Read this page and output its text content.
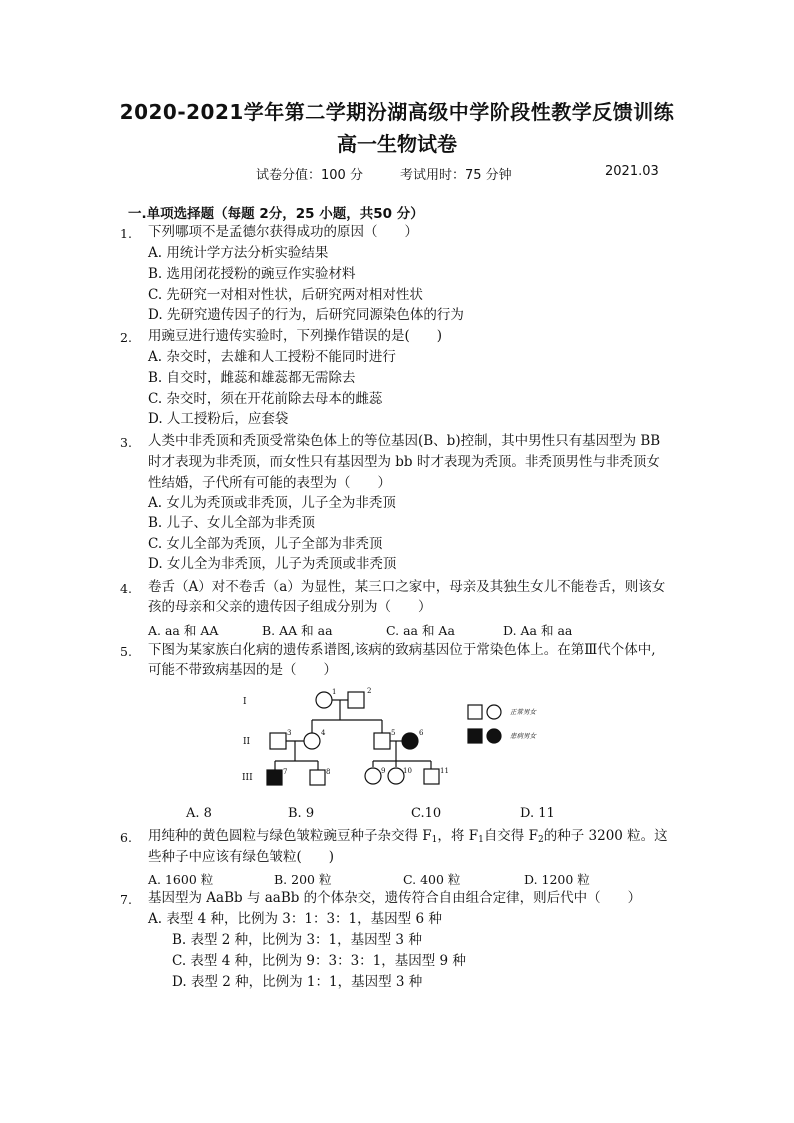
2020-2021学年第二学期汾湖高级中学阶段性教学反馈训练
高一生物试卷
试卷分值：100 分	考试用时：75 分钟	2021.03
一.单项选择题（每题 2分，25 小题，共50 分）
1. 下列哪项不是孟德尔获得成功的原因（　　）
A. 用统计学方法分析实验结果
B. 选用闭花授粉的豌豆作实验材料
C. 先研究一对相对性状，后研究两对相对性状
D. 先研究遗传因子的行为，后研究同源染色体的行为
2. 用豌豆进行遗传实验时，下列操作错误的是(　　)
A. 杂交时，去雄和人工授粉不能同时进行
B. 自交时，雌蕊和雄蕊都无需除去
C. 杂交时，须在开花前除去母本的雌蕊
D. 人工授粉后，应套袋
3. 人类中非秃顶和秃顶受常染色体上的等位基因(B、b)控制，其中男性只有基因型为 BB
时才表现为非秃顶，而女性只有基因型为 bb 时才表现为秃顶。非秃顶男性与非秃顶女
性结婚，子代所有可能的表型为（　　）
A. 女儿为秃顶或非秃顶，儿子全为非秃顶
B. 儿子、女儿全部为非秃顶
C. 女儿全部为秃顶，儿子全部为非秃顶
D. 女儿全为非秃顶，儿子为秃顶或非秃顶
4. 卷舌（A）对不卷舌（a）为显性，某三口之家中，母亲及其独生女儿不能卷舌，则该女
孩的母亲和父亲的遗传因子组成分别为（　　）
A. aa 和 AA	B. AA 和 aa	C. aa 和 Aa	D. Aa 和 aa
5. 下图为某家族白化病的遗传系谱图,该病的致病基因位于常染色体上。在第Ⅲ代个体中,
可能不带致病基因的是（　　）
I
II
III
1	2
3	4	5	6
7	8	9	10	11
正常男女
患病男女
A. 8	B. 9	C.10	D. 11
6. 用纯种的黄色圆粒与绿色皱粒豌豆种子杂交得 $F_1$，将 $F_1$自交得 $F_2$的种子 3200 粒。这
些种子中应该有绿色皱粒(　　)
A. 1600 粒	B. 200 粒	C. 400 粒	D. 1200 粒
7. 基因型为 AaBb 与 aaBb 的个体杂交，遗传符合自由组合定律，则后代中（　　）
A. 表型 4 种，比例为 3：1：3：1，基因型 6 种
B. 表型 2 种，比例为 3：1，基因型 3 种
C. 表型 4 种，比例为 9：3：3：1，基因型 9 种
D. 表型 2 种，比例为 1：1，基因型 3 种
